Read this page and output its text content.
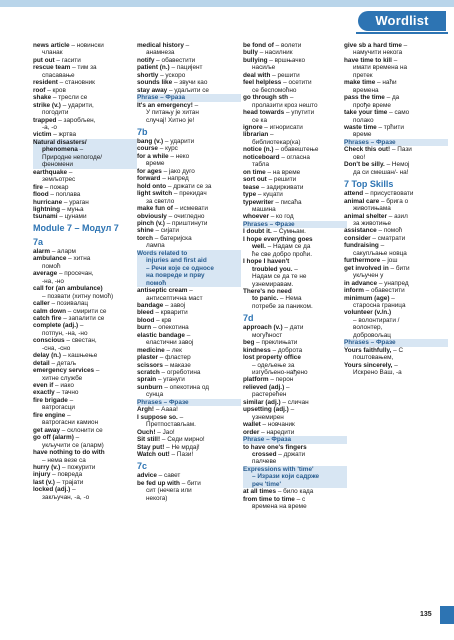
Wordlist
news article – новински
чланак
put out – гасити
rescue team – тим за
спасавање
resident – становник
roof – кров
shake – тресли се
strike (v.) – ударити,
погодити
trapped – заробљен,
-а, -о
victim – жртва
Natural disasters/
phenomena –
Природне непогоде/
феномени
earthquake –
земљотрес
fire – пожар
flood – поплава
hurricane – ураган
lightning – муња
tsunami – цунами
Module 7 – Модул 7
7a
alarm – аларм
ambulance – хитна
помоћ
average – просечан,
-на, -но
call for (an ambulance)
– позвати (хитну помоћ)
caller – позивалац
calm down – смирити се
catch fire – запалити се
complete (adj.) –
потпун, -на, -но
conscious – свестан,
-сна, -сно
delay (n.) – кашњење
detail – детаљ
emergency services –
хитне службе
even if – иако
exactly – тачно
fire brigade –
ватрогасци
fire engine –
ватрогасни камион
get away – склонити се
go off (alarm) –
укључити се (аларм)
have nothing to do with
– нема везе са
hurry (v.) – пожурити
injury – повреда
last (v.) – трајати
locked (adj.) –
закључан, -а, -о
medical history –
анамнеза
notify – обавестити
patient (n.) – пацијент
shortly – ускоро
sounds like – звучи као
stay away – удаљити се
Phrase – Фраза
It's an emergency! –
У питању је хитан
случај! Хитно је!
7b
bang (v.) – ударити
course – курс
for a while – неко
време
for ages – јако дуго
forward – напред
hold onto – држати се за
light switch – прекидач
за светло
make fun of – исмевати
obviously – очигледно
pinch (v.) – приштинути
shine – сијати
torch – батеријска
лампа
Words related to
injuries and first aid
– Речи које се односе
на повреде и прву
помоћ
antiseptic cream –
антисептична маст
bandage – завој
bleed – крварити
blood – крв
burn – опекотина
elastic bandage –
еластични завој
medicine – лек
plaster – фластер
scissors – маказе
scratch – огреботина
sprain – угануги
sunburn – опекотина од
сунца
Phrases – Фразе
Argh! – Аааа!
I suppose so. –
Претпостављам.
Ouch! – Јао!
Sit still! – Седи мирно!
Stay put! – Не мрдај!
Watch out! – Пази!
7c
advice – савет
be fed up with – бити
сит (нечега или
некога)
be fond of – волети
bully – насилник
bullying – вршњачко
насиље
deal with – решити
feel helpless – осетити
се беспомоћно
go through sth –
пролазити кроз нешто
head towards – упутити
се ка
ignore – игнорисати
librarian –
библиотекар(ка)
notice (n.) – обавештење
noticeboard – огласна
табла
on time – на време
sort out – решити
tease – задиркивати
type – куцати
typewriter – писаћа
машина
whoever – ко год
Phrases – Фразе
I doubt it. – Сумњам.
I hope everything goes
well. – Надам се да
ће све добро проћи.
I hope I haven't
troubled you. –
Надам се да те не
узнемиравам.
There's no need
to panic. – Нема
потребе за паником.
7d
approach (v.) – дати
могућност
beg – преклињати
kindness – доброта
lost property office
– одељење за
изгубљено-нађено
platform – перон
relieved (adj.) –
растерећен
similar (adj.) – сличан
upsetting (adj.) –
узнемирен
wallet – новчаник
order – наредити
Phrase – Фраза
to have one's fingers
crossed – држати
палчеве
Expressions with 'time'
– Изрази који садрже
реч 'time'
at all times – било када
from time to time – с
времена на време
give sb a hard time –
намучити некога
have time to kill –
имати времена на
претек
make time – наћи
времена
pass the time – да
прође време
take your time – само
полако
waste time – трћити
време
Phrases – Фразе
Check this out! – Пази
ово!
Don't be silly. – Немој
да си смешан/- на!
7 Top Skills
attend – присуствовати
animal care – брига о
животињама
animal shelter – азил
за животиње
assistance – помоћ
consider – сматрати
fundraising –
сакупљање новца
furthermore – још
get involved in – бити
укључен у
in advance – унапред
inform – обавестити
minimum (age) –
староснa граница
volunteer (v./n.)
– волонтирати /
волонтер,
добровољац
Phrases – Фразе
Yours faithfully, – С
поштовањем,
Yours sincerely, –
Искрено Ваш, -а
135
